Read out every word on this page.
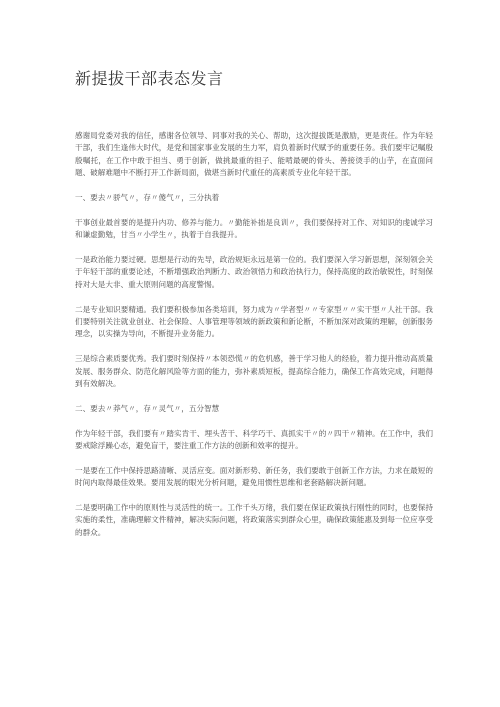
新提拔干部表态发言

感谢局党委对我的信任，感谢各位领导、同事对我的关心、帮助，这次提拔既是激励，更是责任。作为年轻干部，我们生逢伟大时代，是党和国家事业发展的生力军，肩负着新时代赋予的重要任务。我们要牢记嘱殷殷嘱托，在工作中敢于担当、勇于创新，做挑最重的担子、能啃最硬的骨头、善接烫手的山芋，在直面问题、破解难题中不断打开工作新局面，做堪当新时代重任的高素质专业化年轻干部。

一、要去〃骄气〃，存〃傻气〃，三分执着

干事创业最首要的是提升内功、修养与能力。〃勤能补拙是良训〃，我们要保持对工作、对知识的虔诚学习和谦虚勤勉，甘当〃小学生〃，执着于自我提升。

一是政治能力要过硬。思想是行动的先导，政治规矩永远是第一位的。我们要深入学习新思想，深刻领会关于年轻干部的重要论述，不断增强政治判断力、政治领悟力和政治执行力，保持高度的政治敏锐性，时刻保持对大是大非、重大原则问题的高度警惕。

二是专业知识要精通。我们要积极参加各类培训，努力成为〃学者型〃〃专家型〃〃实干型〃人社干部。我们要特别关注就业创业、社会保险、人事管理等领域的新政策和新论断，不断加深对政策的理解，创新服务理念，以实操为导向，不断提升业务能力。

三是综合素质要优秀。我们要时刻保持〃本领恐慌〃的危机感，善于学习他人的经验，着力提升推动高质量发展、服务群众、防范化解风险等方面的能力，弥补素质短板，提高综合能力，确保工作高效完成，问题得到有效解决。

二、要去〃莽气〃，存〃灵气〃，五分智慧

作为年轻干部，我们要有〃踏实肯干、埋头苦干、科学巧干、真抓实干〃的〃四干〃精神。在工作中，我们要戒除浮躁心态，避免盲干，要注重工作方法的创新和效率的提升。

一是要在工作中保持思路清晰、灵活应变。面对新形势、新任务，我们要敢于创新工作方法，力求在最短的时间内取得最佳效果。要用发展的眼光分析问题，避免用惯性思维和老套路解决新问题。

二是要明确工作中的原则性与灵活性的统一。工作千头万绪，我们要在保证政策执行刚性的同时，也要保持实施的柔性，准确理解文件精神，解决实际问题，将政策落实到群众心里，确保政策能惠及到每一位应享受的群众。
